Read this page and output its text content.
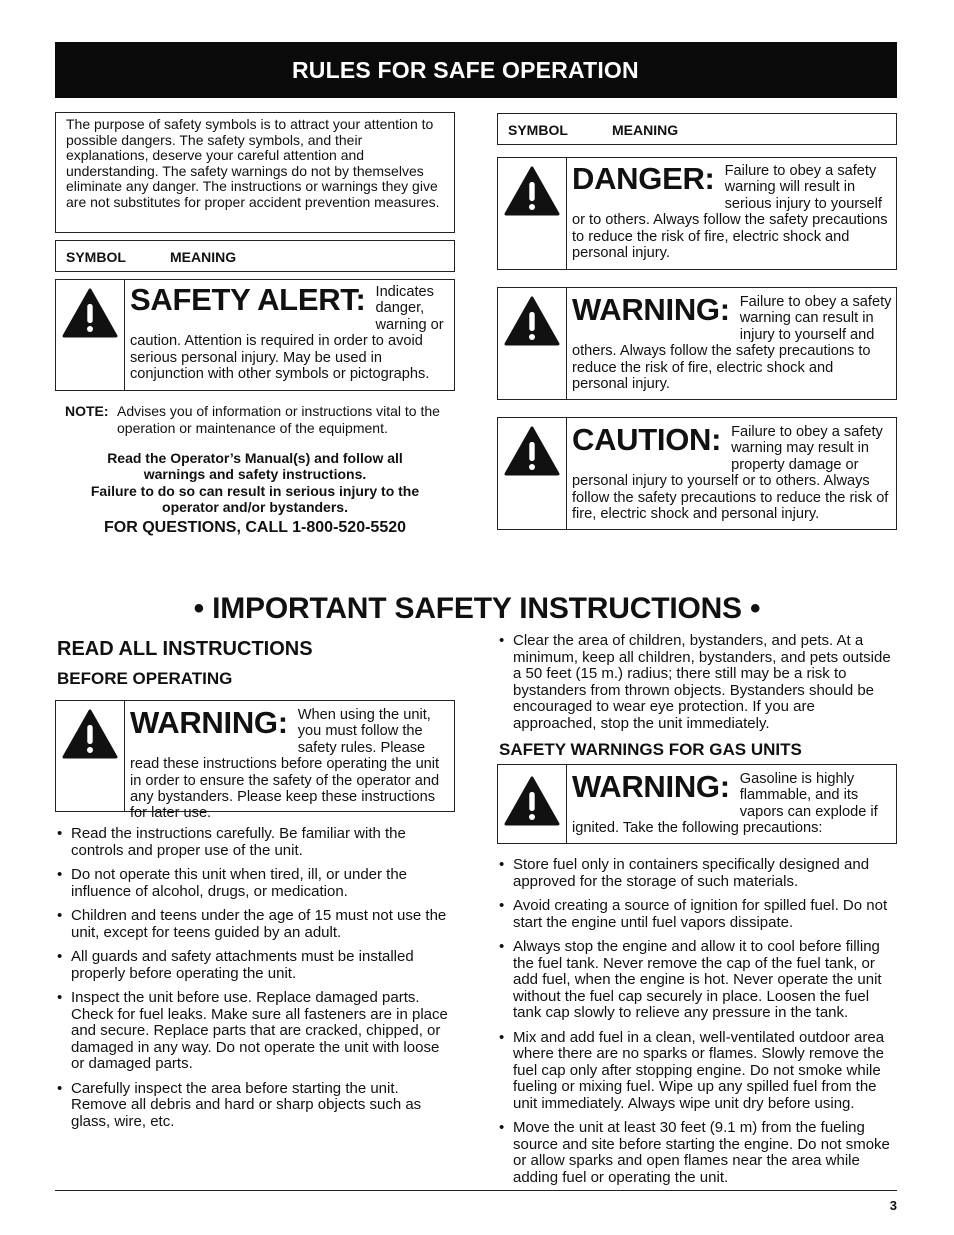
RULES FOR SAFE OPERATION
The purpose of safety symbols is to attract your attention to possible dangers. The safety symbols, and their explanations, deserve your careful attention and understanding. The safety warnings do not by themselves eliminate any danger. The instructions or warnings they give are not substitutes for proper accident prevention measures.
SYMBOL	MEANING
SAFETY ALERT: Indicates danger, warning or caution. Attention is required in order to avoid serious personal injury. May be used in conjunction with other symbols or pictographs.
NOTE: Advises you of information or instructions vital to the operation or maintenance of the equipment.
Read the Operator’s Manual(s) and follow all warnings and safety instructions.
Failure to do so can result in serious injury to the operator and/or bystanders.
FOR QUESTIONS, CALL 1-800-520-5520
SYMBOL	MEANING
DANGER: Failure to obey a safety warning will result in serious injury to yourself or to others. Always follow the safety precautions to reduce the risk of fire, electric shock and personal injury.
WARNING: Failure to obey a safety warning can result in injury to yourself and others. Always follow the safety precautions to reduce the risk of fire, electric shock and personal injury.
CAUTION: Failure to obey a safety warning may result in property damage or personal injury to yourself or to others. Always follow the safety precautions to reduce the risk of fire, electric shock and personal injury.
• IMPORTANT SAFETY INSTRUCTIONS •
READ ALL INSTRUCTIONS
BEFORE OPERATING
WARNING: When using the unit, you must follow the safety rules. Please read these instructions before operating the unit in order to ensure the safety of the operator and any bystanders. Please keep these instructions for later use.
• Read the instructions carefully. Be familiar with the controls and proper use of the unit.
• Do not operate this unit when tired, ill, or under the influence of alcohol, drugs, or medication.
• Children and teens under the age of 15 must not use the unit, except for teens guided by an adult.
• All guards and safety attachments must be installed properly before operating the unit.
• Inspect the unit before use. Replace damaged parts. Check for fuel leaks. Make sure all fasteners are in place and secure. Replace parts that are cracked, chipped, or damaged in any way. Do not operate the unit with loose or damaged parts.
• Carefully inspect the area before starting the unit. Remove all debris and hard or sharp objects such as glass, wire, etc.
• Clear the area of children, bystanders, and pets. At a minimum, keep all children, bystanders, and pets outside a 50 feet (15 m.) radius; there still may be a risk to bystanders from thrown objects. Bystanders should be encouraged to wear eye protection. If you are approached, stop the unit immediately.
SAFETY WARNINGS FOR GAS UNITS
WARNING: Gasoline is highly flammable, and its vapors can explode if ignited. Take the following precautions:
• Store fuel only in containers specifically designed and approved for the storage of such materials.
• Avoid creating a source of ignition for spilled fuel. Do not start the engine until fuel vapors dissipate.
• Always stop the engine and allow it to cool before filling the fuel tank. Never remove the cap of the fuel tank, or add fuel, when the engine is hot. Never operate the unit without the fuel cap securely in place. Loosen the fuel tank cap slowly to relieve any pressure in the tank.
• Mix and add fuel in a clean, well-ventilated outdoor area where there are no sparks or flames. Slowly remove the fuel cap only after stopping engine. Do not smoke while fueling or mixing fuel. Wipe up any spilled fuel from the unit immediately. Always wipe unit dry before using.
• Move the unit at least 30 feet (9.1 m) from the fueling source and site before starting the engine. Do not smoke or allow sparks and open flames near the area while adding fuel or operating the unit.
3
